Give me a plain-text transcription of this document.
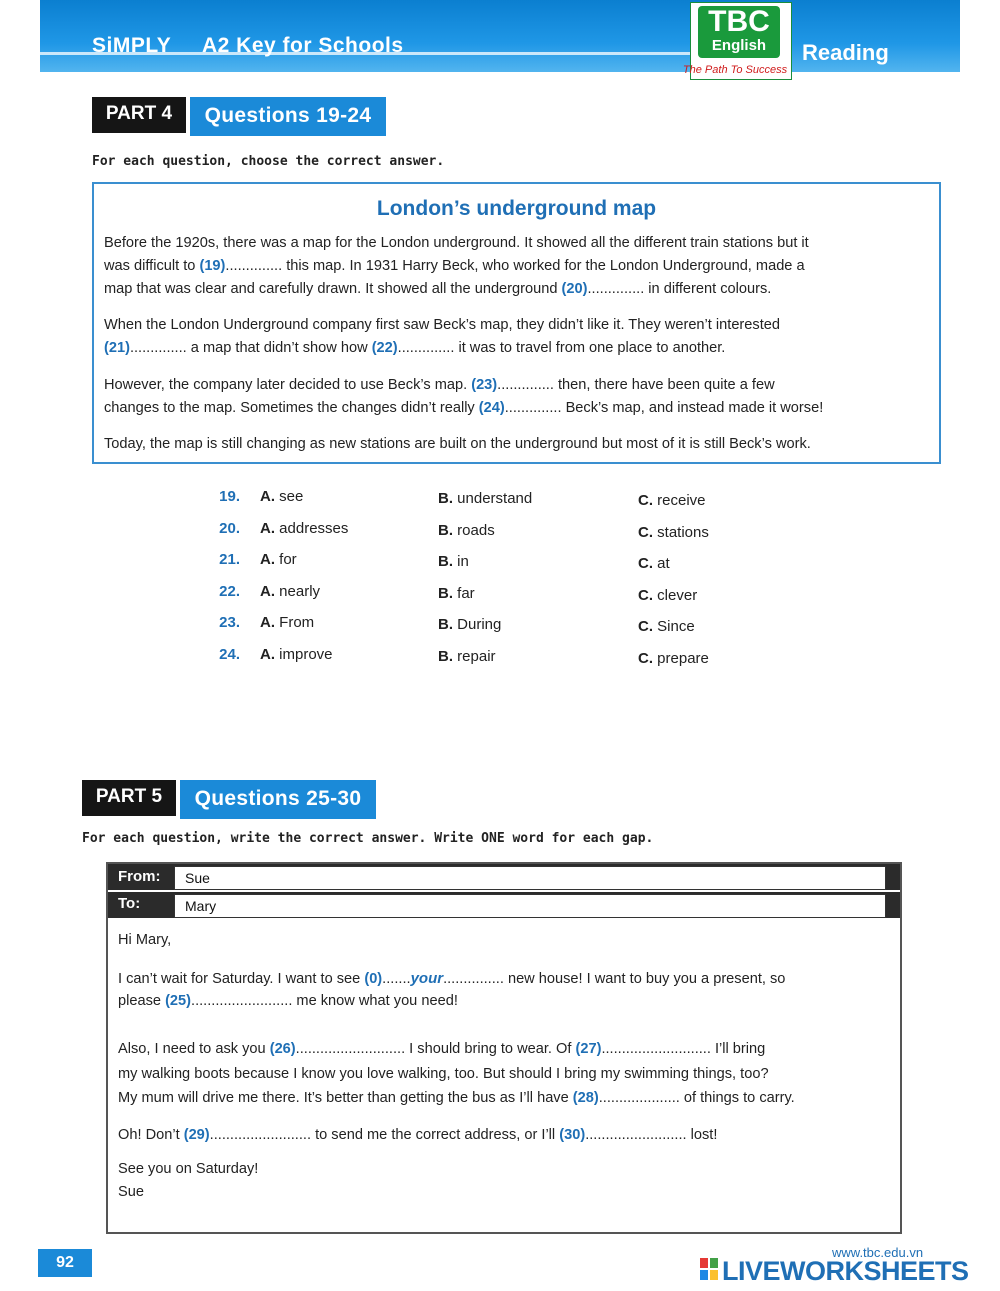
SiMPLY A2 Key for Schools	Reading
TBC
English
The Path To Success
PART 4	Questions 19-24
For each question, choose the correct answer.
London’s underground map
Before the 1920s, there was a map for the London underground. It showed all the different train stations but it
was difficult to (19).............. this map. In 1931 Harry Beck, who worked for the London Underground, made a
map that was clear and carefully drawn. It showed all the underground (20).............. in different colours.
When the London Underground company first saw Beck’s map, they didn’t like it. They weren’t interested
(21).............. a map that didn’t show how (22).............. it was to travel from one place to another.
However, the company later decided to use Beck’s map. (23).............. then, there have been quite a few
changes to the map. Sometimes the changes didn’t really (24).............. Beck’s map, and instead made it worse!
Today, the map is still changing as new stations are built on the underground but most of it is still Beck’s work.
19. A. see	B. understand	C. receive
20. A. addresses	B. roads	C. stations
21. A. for	B. in	C. at
22. A. nearly	B. far	C. clever
23. A. From	B. During	C. Since
24. A. improve	B. repair	C. prepare
PART 5	Questions 25-30
For each question, write the correct answer. Write ONE word for each gap.
From:	Sue
To:	Mary
Hi Mary,
I can’t wait for Saturday. I want to see (0).......your............... new house! I want to buy you a present, so
please (25)......................... me know what you need!
Also, I need to ask you (26)........................... I should bring to wear. Of (27)........................... I’ll bring
my walking boots because I know you love walking, too. But should I bring my swimming things, too?
My mum will drive me there. It’s better than getting the bus as I’ll have (28).................... of things to carry.
Oh! Don’t (29)......................... to send me the correct address, or I’ll (30)......................... lost!
See you on Saturday!
Sue
92
www.tbc.edu.vn
LIVEWORKSHEETS
